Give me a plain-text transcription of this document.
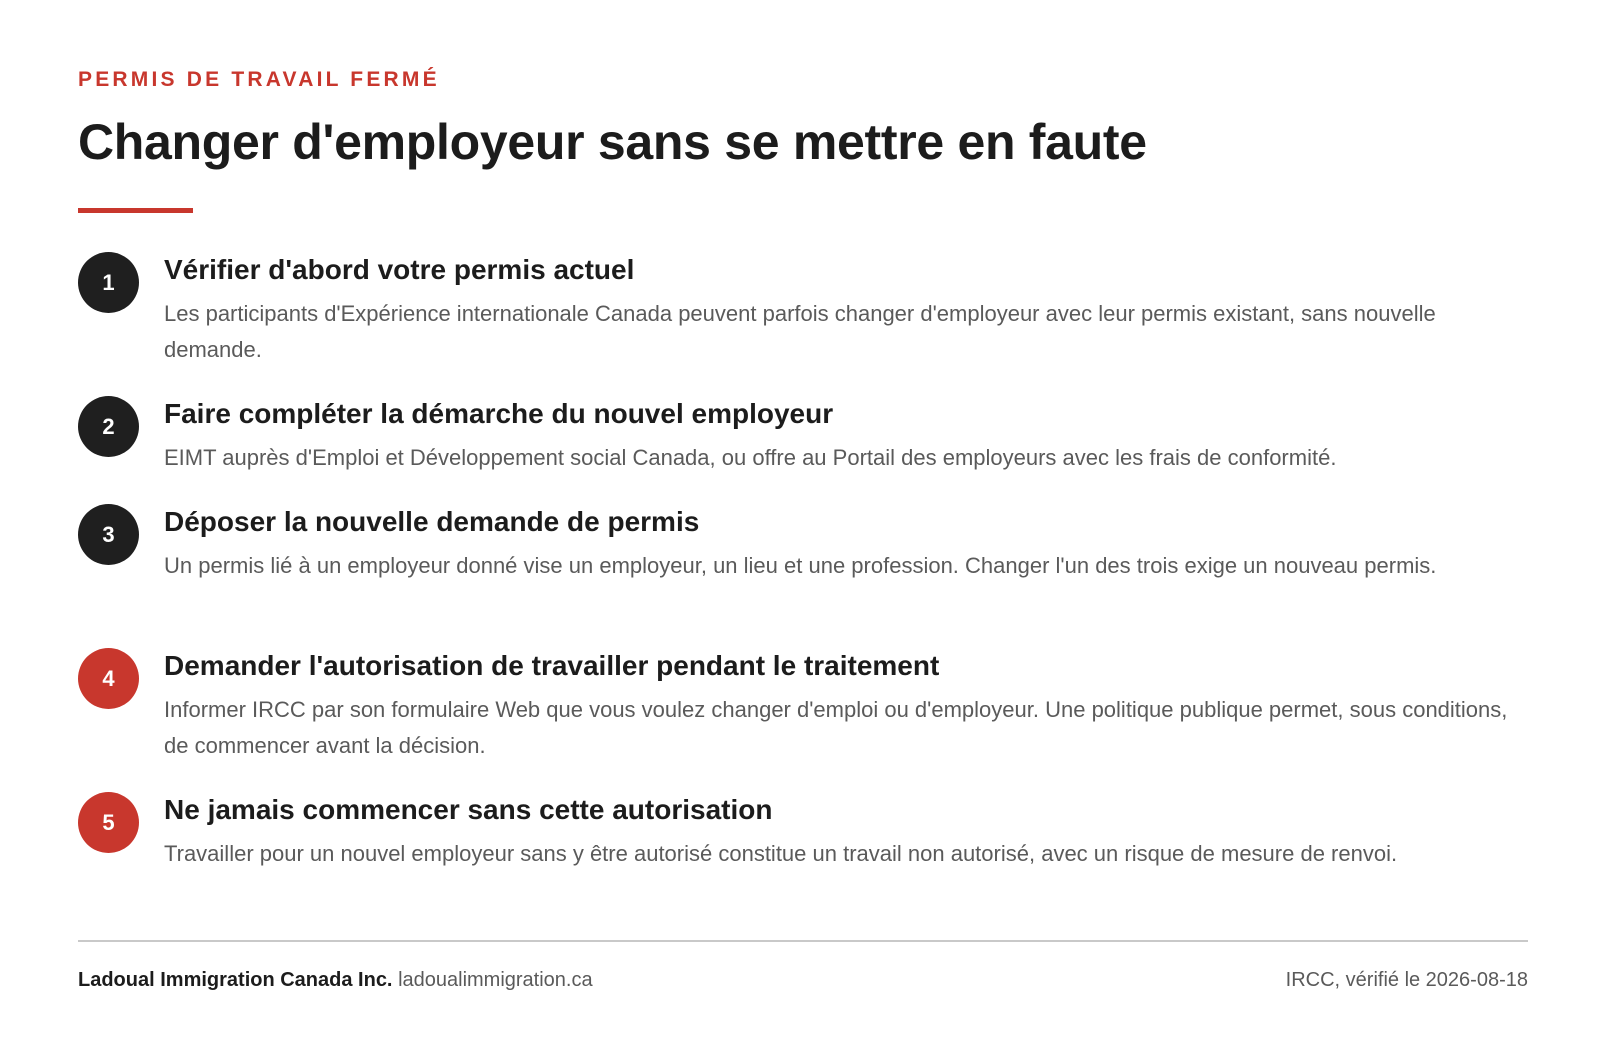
PERMIS DE TRAVAIL FERMÉ
Changer d'employeur sans se mettre en faute
1	Vérifier d'abord votre permis actuel

Les participants d'Expérience internationale Canada peuvent parfois changer d'employeur avec leur permis existant, sans nouvelle demande.

2	Faire compléter la démarche du nouvel employeur

EIMT auprès d'Emploi et Développement social Canada, ou offre au Portail des employeurs avec les frais de conformité.

3	Déposer la nouvelle demande de permis

Un permis lié à un employeur donné vise un employeur, un lieu et une profession. Changer l'un des trois exige un nouveau permis.

4	Demander l'autorisation de travailler pendant le traitement

Informer IRCC par son formulaire Web que vous voulez changer d'emploi ou d'employeur. Une politique publique permet, sous conditions, de commencer avant la décision.

5	Ne jamais commencer sans cette autorisation

Travailler pour un nouvel employeur sans y être autorisé constitue un travail non autorisé, avec un risque de mesure de renvoi.

Ladoual Immigration Canada Inc. ladoualimmigration.ca	IRCC, vérifié le 2026-08-18
